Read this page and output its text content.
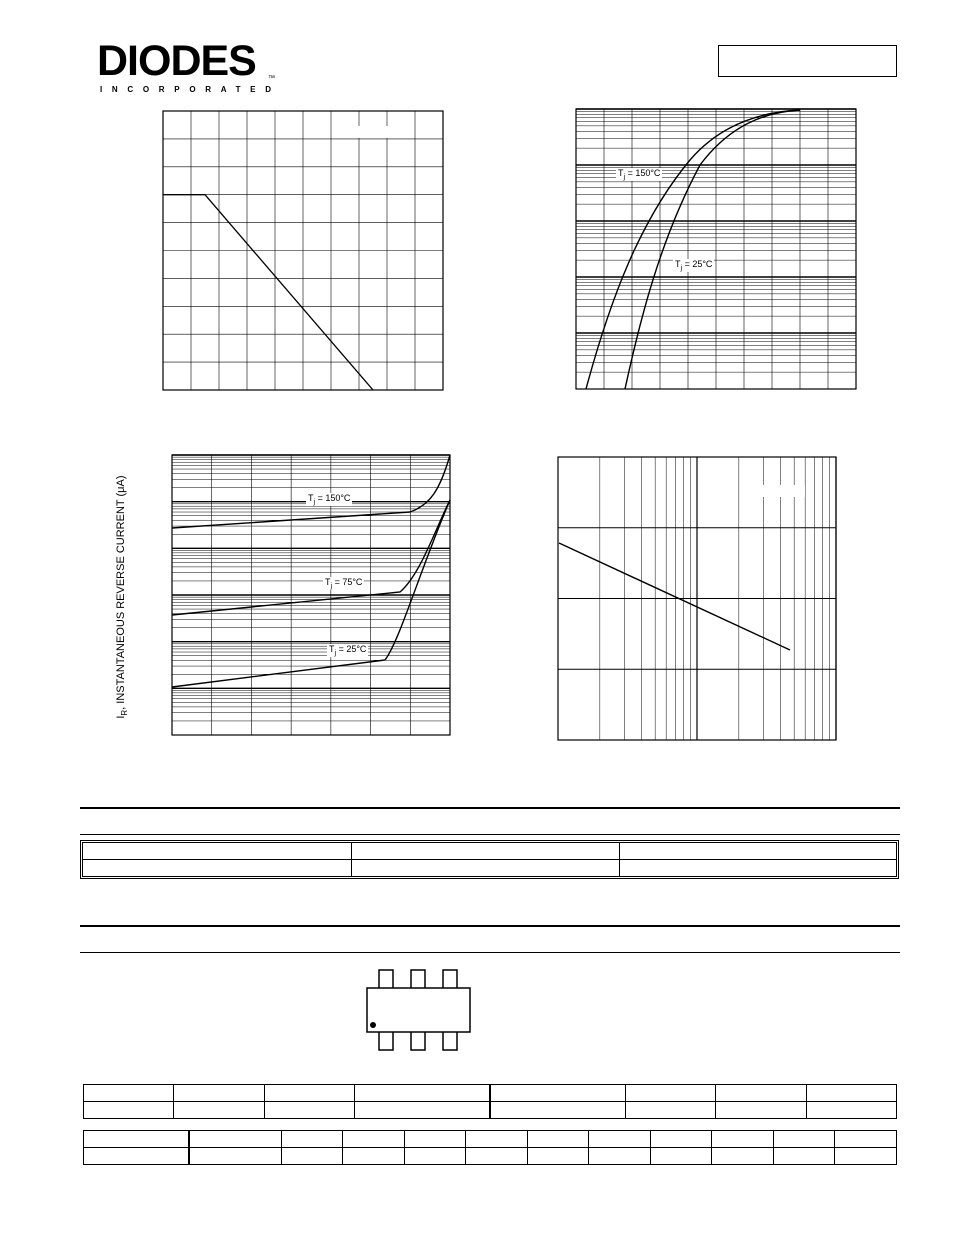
DIODES
INCORPORATED
™
$T_j = 150^\circ C$
$T_j = 25^\circ C$
$T_j = 150^\circ C$
$T_j = 75^\circ C$
$T_j = 25^\circ C$
$I_R$, INSTANTANEOUS REVERSE CURRENT (μA)
